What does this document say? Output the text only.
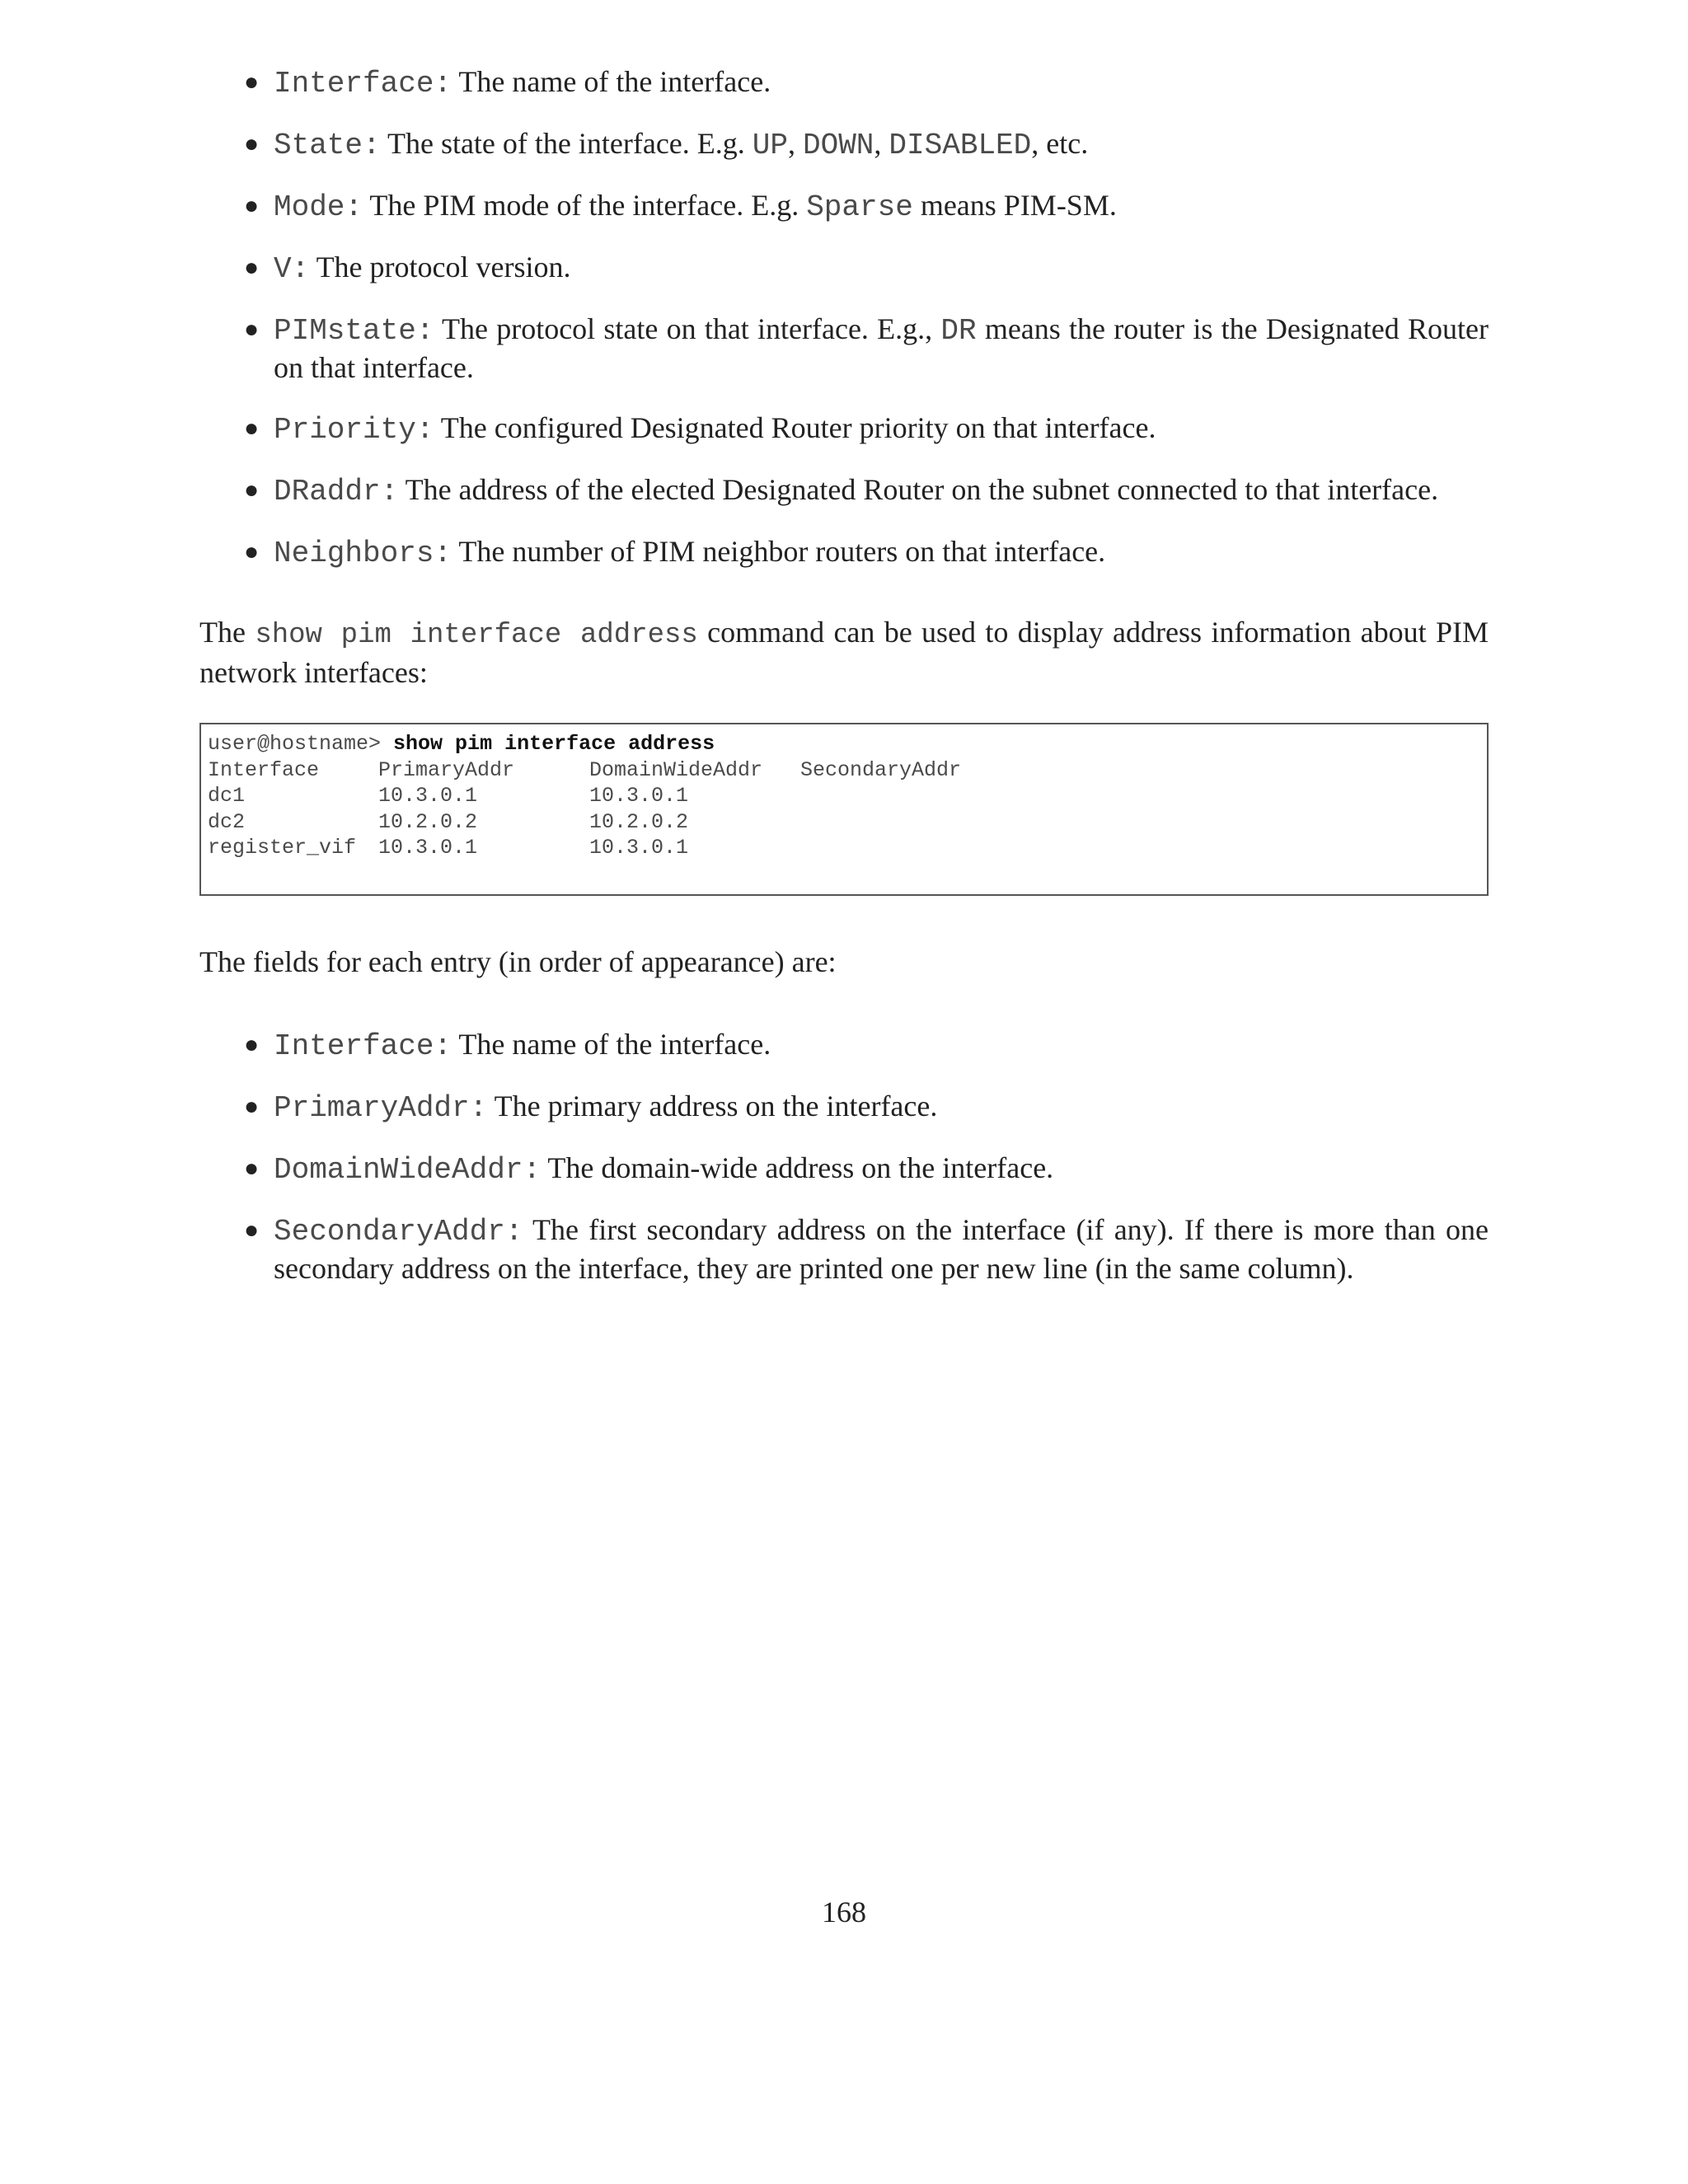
● Interface: The name of the interface.
● State: The state of the interface. E.g. UP, DOWN, DISABLED, etc.
● Mode: The PIM mode of the interface. E.g. Sparse means PIM-SM.
● V: The protocol version.
● PIMstate: The protocol state on that interface. E.g., DR means the router is the Designated Router on that interface.
● Priority: The configured Designated Router priority on that interface.
● DRaddr: The address of the elected Designated Router on the subnet connected to that interface.
● Neighbors: The number of PIM neighbor routers on that interface.

The show pim interface address command can be used to display address information about PIM network interfaces:

user@hostname> show pim interface address
Interface	PrimaryAddr	DomainWideAddr SecondaryAddr
dc1	10.3.0.1	10.3.0.1
dc2	10.2.0.2	10.2.0.2
register_vif 10.3.0.1	10.3.0.1

The fields for each entry (in order of appearance) are:

● Interface: The name of the interface.
● PrimaryAddr: The primary address on the interface.
● DomainWideAddr: The domain-wide address on the interface.
● SecondaryAddr: The first secondary address on the interface (if any). If there is more than one secondary address on the interface, they are printed one per new line (in the same column).
168
